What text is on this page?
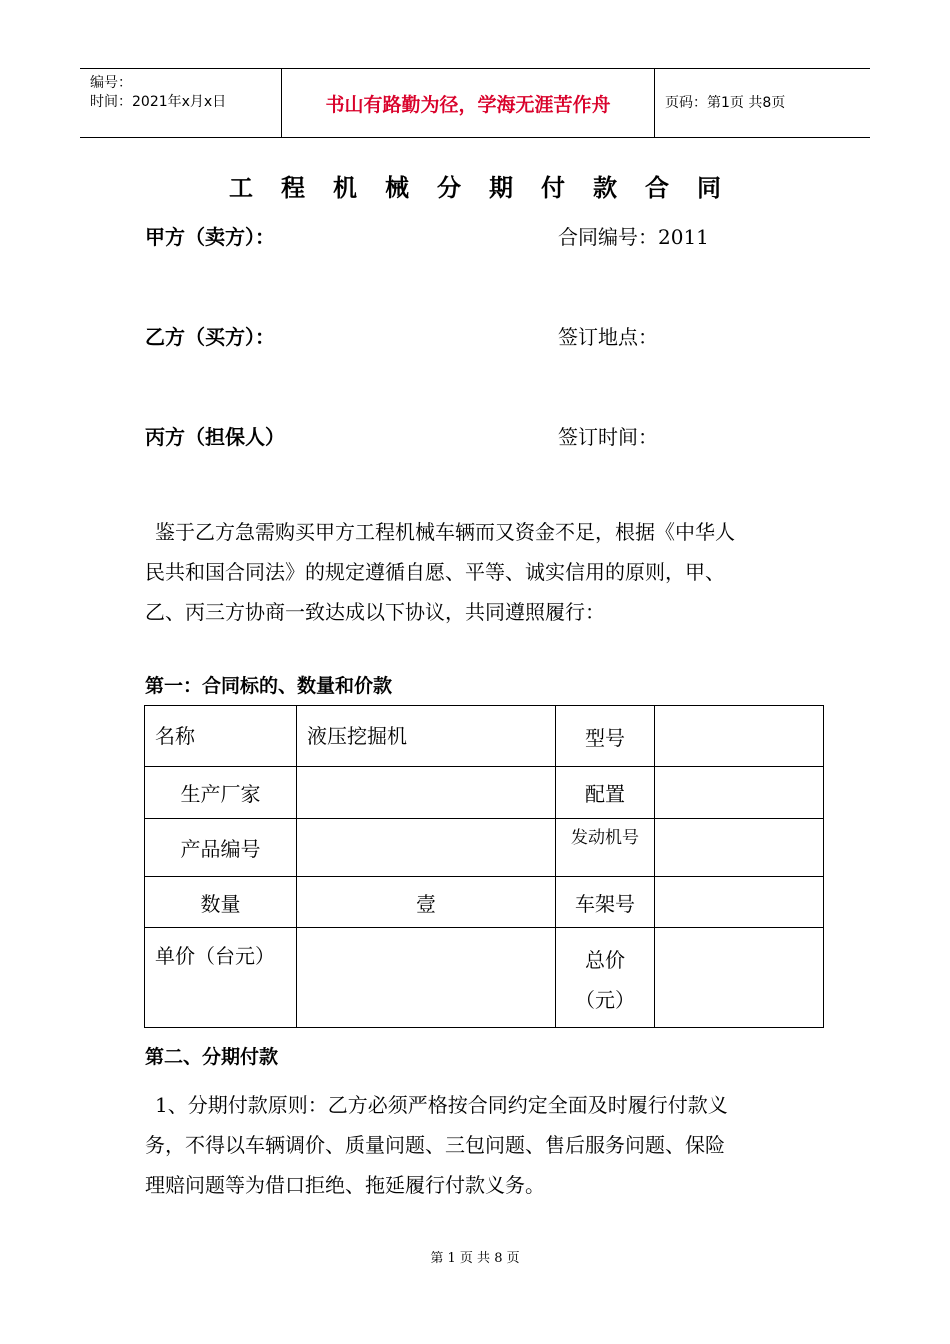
编号：
时间：2021年x月x日	书山有路勤为径，学海无涯苦作舟	页码：第1页 共8页
工程机械分期付款合同
甲方（卖方）：	合同编号：2011
乙方（买方）：	签订地点：
丙方（担保人）	签订时间：
鉴于乙方急需购买甲方工程机械车辆而又资金不足，根据《中华人
民共和国合同法》的规定遵循自愿、平等、诚实信用的原则，甲、
乙、丙三方协商一致达成以下协议，共同遵照履行：
第一：合同标的、数量和价款
名称	液压挖掘机	型号	
生产厂家		配置	
产品编号		发动机号	
数量	壹	车架号	
单价（台元）		总价
（元）	

第二、分期付款
1、分期付款原则：乙方必须严格按合同约定全面及时履行付款义
务，不得以车辆调价、质量问题、三包问题、售后服务问题、保险
理赔问题等为借口拒绝、拖延履行付款义务。
第 1 页 共 8 页
